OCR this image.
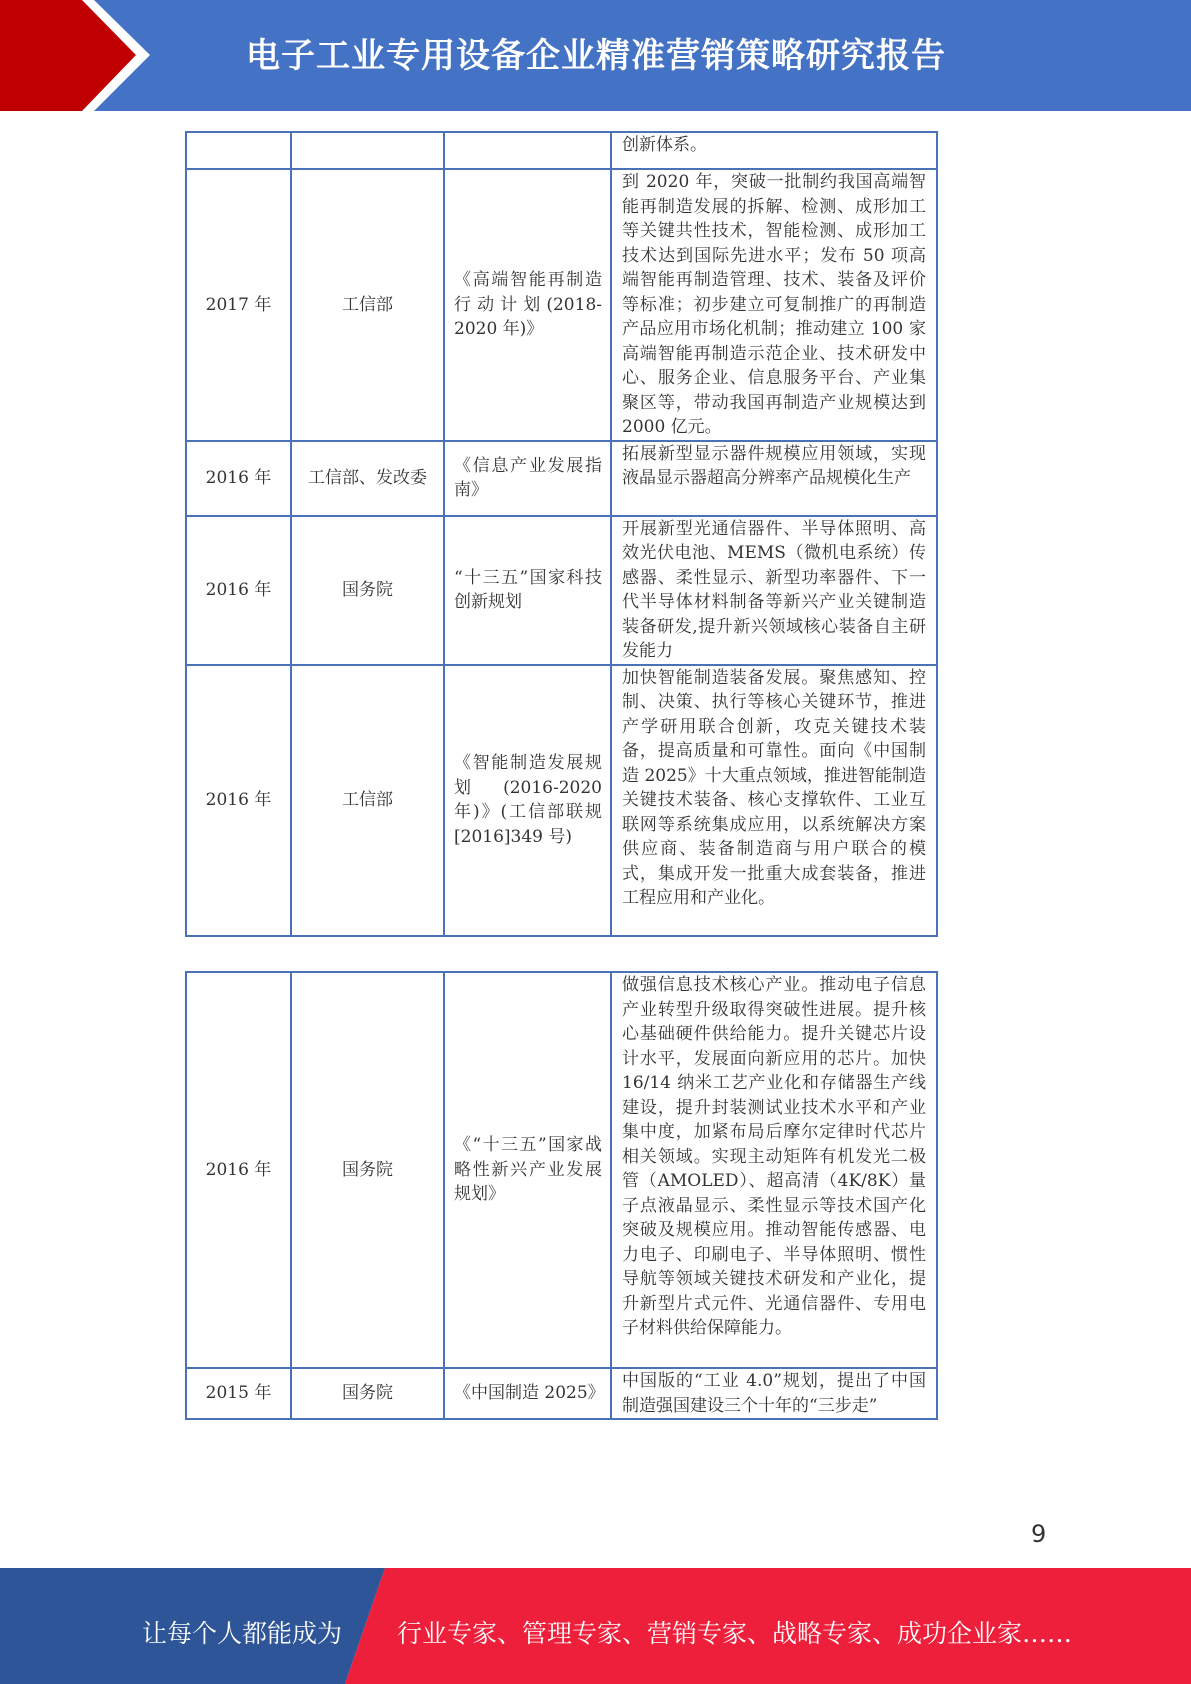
电子工业专用设备企业精准营销策略研究报告
			创新体系。
2017 年	工信部	《高端智能再制造行动计划(2018-2020 年)》	到 2020 年，突破一批制约我国高端智能再制造发展的拆解、检测、成形加工等关键共性技术，智能检测、成形加工技术达到国际先进水平；发布 50 项高端智能再制造管理、技术、装备及评价等标准；初步建立可复制推广的再制造产品应用市场化机制；推动建立 100 家高端智能再制造示范企业、技术研发中心、服务企业、信息服务平台、产业集聚区等，带动我国再制造产业规模达到 2000 亿元。
2016 年	工信部、发改委	《信息产业发展指南》	拓展新型显示器件规模应用领域，实现液晶显示器超高分辨率产品规模化生产
2016 年	国务院	“十三五”国家科技创新规划	开展新型光通信器件、半导体照明、高效光伏电池、MEMS（微机电系统）传感器、柔性显示、新型功率器件、下一代半导体材料制备等新兴产业关键制造装备研发,提升新兴领域核心装备自主研发能力
2016 年	工信部	《智能制造发展规划 (2016-2020 年)》(工信部联规[2016]349 号)	加快智能制造装备发展。聚焦感知、控制、决策、执行等核心关键环节，推进产学研用联合创新，攻克关键技术装备，提高质量和可靠性。面向《中国制造 2025》十大重点领域，推进智能制造关键技术装备、核心支撑软件、工业互联网等系统集成应用，以系统解决方案供应商、装备制造商与用户联合的模式，集成开发一批重大成套装备，推进工程应用和产业化。
2016 年	国务院	《“十三五”国家战略性新兴产业发展规划》	做强信息技术核心产业。推动电子信息产业转型升级取得突破性进展。提升核心基础硬件供给能力。提升关键芯片设计水平，发展面向新应用的芯片。加快 16/14 纳米工艺产业化和存储器生产线建设，提升封装测试业技术水平和产业集中度，加紧布局后摩尔定律时代芯片相关领域。实现主动矩阵有机发光二极管（AMOLED）、超高清（4K/8K）量子点液晶显示、柔性显示等技术国产化突破及规模应用。推动智能传感器、电力电子、印刷电子、半导体照明、惯性导航等领域关键技术研发和产业化，提升新型片式元件、光通信器件、专用电子材料供给保障能力。
2015 年	国务院	《中国制造 2025》	中国版的“工业 4.0”规划，提出了中国制造强国建设三个十年的“三步走”
9
让每个人都能成为 行业专家、管理专家、营销专家、战略专家、成功企业家……
